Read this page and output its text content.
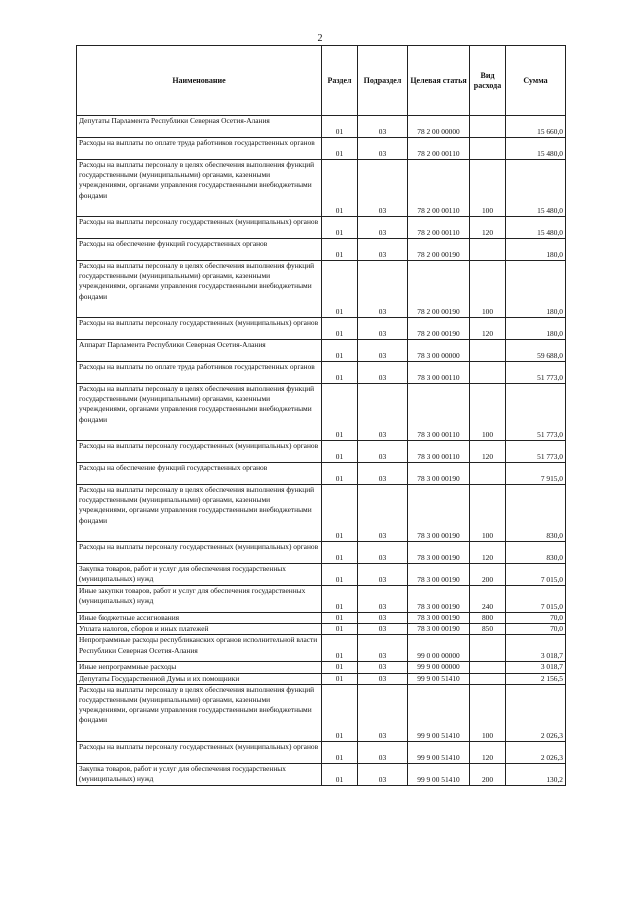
2
Наименование	Раздел	Подраздел	Целевая статья	Вид расхода	Сумма
Депутаты Парламента Республики Северная Осетия-Алания	01	03	78 2 00 00000		15 660,0
Расходы на выплаты по оплате труда работников государственных органов	01	03	78 2 00 00110		15 480,0
Расходы на выплаты персоналу в целях обеспечения выполнения функций государственными (муниципальными) органами, казенными учреждениями, органами управления государственными внебюджетными фондами	01	03	78 2 00 00110	100	15 480,0
Расходы на выплаты персоналу государственных (муниципальных) органов	01	03	78 2 00 00110	120	15 480,0
Расходы на обеспечение функций государственных органов	01	03	78 2 00 00190		180,0
Расходы на выплаты персоналу в целях обеспечения выполнения функций государственными (муниципальными) органами, казенными учреждениями, органами управления государственными внебюджетными фондами	01	03	78 2 00 00190	100	180,0
Расходы на выплаты персоналу государственных (муниципальных) органов	01	03	78 2 00 00190	120	180,0
Аппарат Парламента Республики Северная Осетия-Алания	01	03	78 3 00 00000		59 688,0
Расходы на выплаты по оплате труда работников государственных органов	01	03	78 3 00 00110		51 773,0
Расходы на выплаты персоналу в целях обеспечения выполнения функций государственными (муниципальными) органами, казенными учреждениями, органами управления государственными внебюджетными фондами	01	03	78 3 00 00110	100	51 773,0
Расходы на выплаты персоналу государственных (муниципальных) органов	01	03	78 3 00 00110	120	51 773,0
Расходы на обеспечение функций государственных органов	01	03	78 3 00 00190		7 915,0
Расходы на выплаты персоналу в целях обеспечения выполнения функций государственными (муниципальными) органами, казенными учреждениями, органами управления государственными внебюджетными фондами	01	03	78 3 00 00190	100	830,0
Расходы на выплаты персоналу государственных (муниципальных) органов	01	03	78 3 00 00190	120	830,0
Закупка товаров, работ и услуг для обеспечения государственных (муниципальных) нужд	01	03	78 3 00 00190	200	7 015,0
Иные закупки товаров, работ и услуг для обеспечения государственных (муниципальных) нужд	01	03	78 3 00 00190	240	7 015,0
Иные бюджетные ассигнования	01	03	78 3 00 00190	800	70,0
Уплата налогов, сборов и иных платежей	01	03	78 3 00 00190	850	70,0
Непрограммные расходы республиканских органов исполнительной власти Республики Северная Осетия-Алания	01	03	99 0 00 00000		3 018,7
Иные непрограммные расходы	01	03	99 9 00 00000		3 018,7
Депутаты Государственной Думы и их помощники	01	03	99 9 00 51410		2 156,5
Расходы на выплаты персоналу в целях обеспечения выполнения функций государственными (муниципальными) органами, казенными учреждениями, органами управления государственными внебюджетными фондами	01	03	99 9 00 51410	100	2 026,3
Расходы на выплаты персоналу государственных (муниципальных) органов	01	03	99 9 00 51410	120	2 026,3
Закупка товаров, работ и услуг для обеспечения государственных (муниципальных) нужд	01	03	99 9 00 51410	200	130,2
